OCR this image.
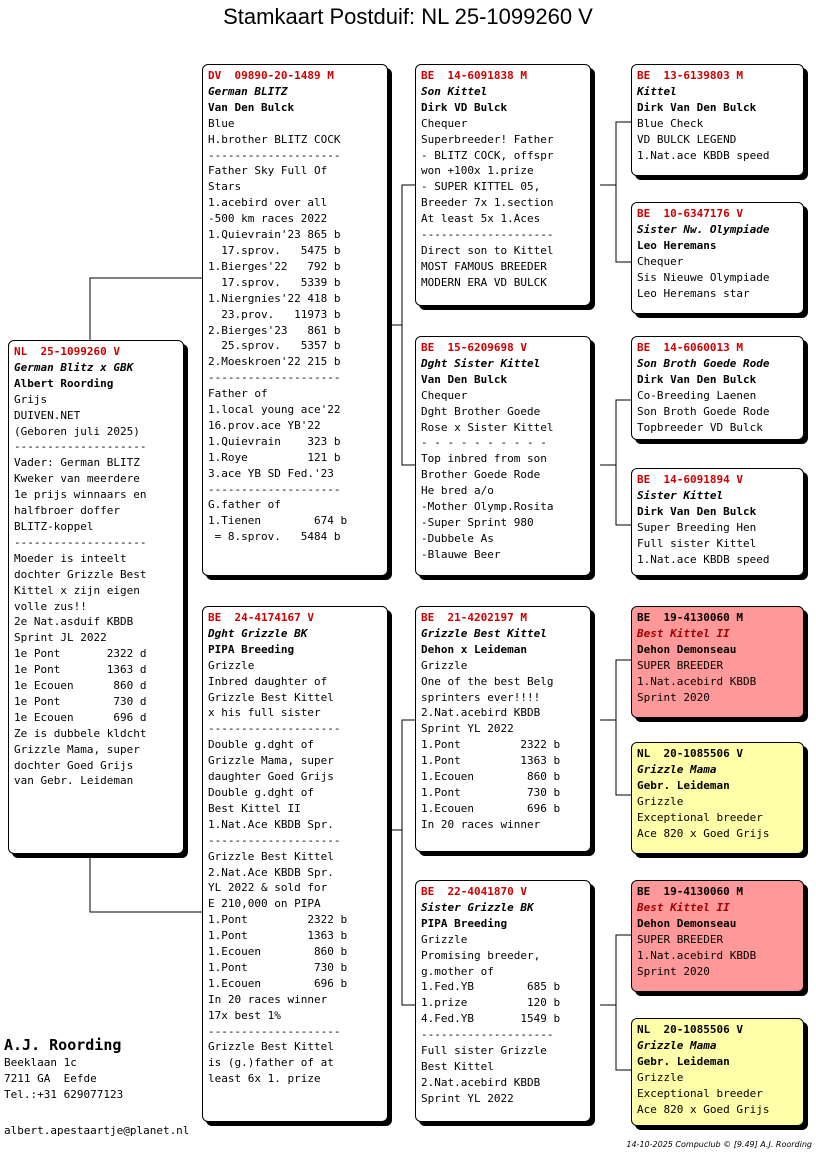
Stamkaart Postduif: NL 25-1099260 V
NL  25-1099260 V
German Blitz x GBK
Albert Roording
Grijs
DUIVEN.NET
(Geboren juli 2025)
--------------------
Vader: German BLITZ
Kweker van meerdere
1e prijs winnaars en
halfbroer doffer
BLITZ-koppel
--------------------
Moeder is inteelt
dochter Grizzle Best
Kittel x zijn eigen
volle zus!!
2e Nat.asduif KBDB
Sprint JL 2022
1e Pont       2322 d
1e Pont       1363 d
1e Ecouen      860 d
1e Pont        730 d
1e Ecouen      696 d
Ze is dubbele kldcht
Grizzle Mama, super
dochter Goed Grijs
van Gebr. Leideman
DV  09890-20-1489 M
German BLITZ
Van Den Bulck
Blue
H.brother BLITZ COCK
--------------------
Father Sky Full Of
Stars
1.acebird over all
-500 km races 2022
1.Quievrain'23 865 b
17.sprov.   5475 b
1.Bierges'22   792 b
17.sprov.   5339 b
1.Niergnies'22 418 b
23.prov.   11973 b
2.Bierges'23   861 b
25.sprov.   5357 b
2.Moeskroen'22 215 b
--------------------
Father of
1.local young ace'22
16.prov.ace YB'22
1.Quievrain    323 b
1.Roye         121 b
3.ace YB SD Fed.'23
--------------------
G.father of
1.Tienen        674 b
= 8.sprov.   5484 b
BE  24-4174167 V
Dght Grizzle BK
PIPA Breeding
Grizzle
Inbred daughter of
Grizzle Best Kittel
x his full sister
--------------------
Double g.dght of
Grizzle Mama, super
daughter Goed Grijs
Double g.dght of
Best Kittel II
1.Nat.Ace KBDB Spr.
--------------------
Grizzle Best Kittel
2.Nat.Ace KBDB Spr.
YL 2022 & sold for
E 210,000 on PIPA
1.Pont         2322 b
1.Pont         1363 b
1.Ecouen        860 b
1.Pont          730 b
1.Ecouen        696 b
In 20 races winner
17x best 1%
--------------------
Grizzle Best Kittel
is (g.)father of at
least 6x 1. prize
BE  14-6091838 M
Son Kittel
Dirk VD Bulck
Chequer
Superbreeder! Father
- BLITZ COCK, offspr
won +100x 1.prize
- SUPER KITTEL 05,
Breeder 7x 1.section
At least 5x 1.Aces
--------------------
Direct son to Kittel
MOST FAMOUS BREEDER
MODERN ERA VD BULCK
BE  15-6209698 V
Dght Sister Kittel
Van Den Bulck
Chequer
Dght Brother Goede
Rose x Sister Kittel
- - - - - - - - - -
Top inbred from son
Brother Goede Rode
He bred a/o
-Mother Olymp.Rosita
-Super Sprint 980
-Dubbele As
-Blauwe Beer
BE  21-4202197 M
Grizzle Best Kittel
Dehon x Leideman
Grizzle
One of the best Belg
sprinters ever!!!!
2.Nat.acebird KBDB
Sprint YL 2022
1.Pont         2322 b
1.Pont         1363 b
1.Ecouen        860 b
1.Pont          730 b
1.Ecouen        696 b
In 20 races winner
BE  22-4041870 V
Sister Grizzle BK
PIPA Breeding
Grizzle
Promising breeder,
g.mother of
1.Fed.YB        685 b
1.prize         120 b
4.Fed.YB       1549 b
--------------------
Full sister Grizzle
Best Kittel
2.Nat.acebird KBDB
Sprint YL 2022
BE  13-6139803 M
Kittel
Dirk Van Den Bulck
Blue Check
VD BULCK LEGEND
1.Nat.ace KBDB speed
BE  10-6347176 V
Sister Nw. Olympiade
Leo Heremans
Chequer
Sis Nieuwe Olympiade
Leo Heremans star
BE  14-6060013 M
Son Broth Goede Rode
Dirk Van Den Bulck
Co-Breeding Laenen
Son Broth Goede Rode
Topbreeder VD Bulck
BE  14-6091894 V
Sister Kittel
Dirk Van Den Bulck
Super Breeding Hen
Full sister Kittel
1.Nat.ace KBDB speed
BE  19-4130060 M
Best Kittel II
Dehon Demonseau
SUPER BREEDER
1.Nat.acebird KBDB
Sprint 2020
NL  20-1085506 V
Grizzle Mama
Gebr. Leideman
Grizzle
Exceptional breeder
Ace 820 x Goed Grijs
BE  19-4130060 M
Best Kittel II
Dehon Demonseau
SUPER BREEDER
1.Nat.acebird KBDB
Sprint 2020
NL  20-1085506 V
Grizzle Mama
Gebr. Leideman
Grizzle
Exceptional breeder
Ace 820 x Goed Grijs
A.J. Roording
Beeklaan 1c
7211 GA  Eefde
Tel.:+31 629077123
albert.apestaartje@planet.nl
14-10-2025 Compuclub © [9.49] A.J. Roording
